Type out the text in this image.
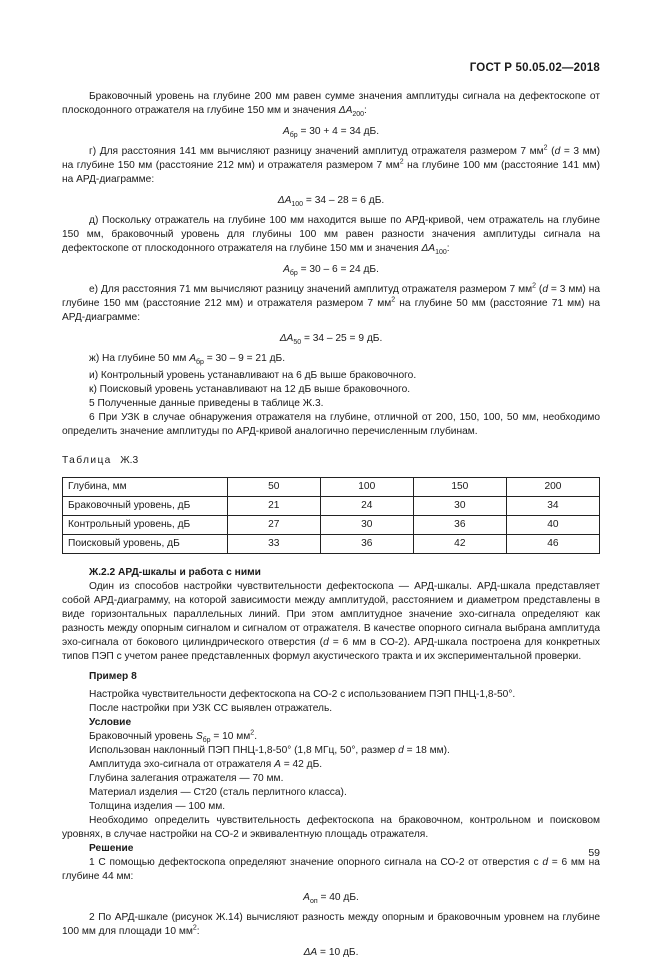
ГОСТ Р 50.05.02—2018

Браковочный уровень на глубине 200 мм равен сумме значения амплитуды сигнала на дефектоскопе от плоскодонного отражателя на глубине 150 мм и значения $\Delta A_{200}$:

$A_{бр} = 30 + 4 = 34$ дБ.

г) Для расстояния 141 мм вычисляют разницу значений амплитуд отражателя размером 7 $мм^2$ (d = 3 мм) на глубине 150 мм (расстояние 212 мм) и отражателя размером 7 $мм^2$ на глубине 100 мм (расстояние 141 мм) на АРД-диаграмме:

$\Delta A_{100} = 34 - 28 = 6$ дБ.

д) Поскольку отражатель на глубине 100 мм находится выше по АРД-кривой, чем отражатель на глубине 150 мм, браковочный уровень для глубины 100 мм равен разности значения амплитуды сигнала на дефектоскопе от плоскодонного отражателя на глубине 150 мм и значения $\Delta A_{100}$:

$A_{бр} = 30 - 6 = 24$ дБ.

е) Для расстояния 71 мм вычисляют разницу значений амплитуд отражателя размером 7 $мм^2$ (d = 3 мм) на глубине 150 мм (расстояние 212 мм) и отражателя размером 7 $мм^2$ на глубине 50 мм (расстояние 71 мм) на АРД-диаграмме:

$\Delta A_{50} = 34 - 25 = 9$ дБ.

ж) На глубине 50 мм $A_{бр} = 30 - 9 = 21$ дБ.

и) Контрольный уровень устанавливают на 6 дБ выше браковочного.

к) Поисковый уровень устанавливают на 12 дБ выше браковочного.

5 Полученные данные приведены в таблице Ж.3.

6 При УЗК в случае обнаружения отражателя на глубине, отличной от 200, 150, 100, 50 мм, необходимо определить значение амплитуды по АРД-кривой аналогично перечисленным глубинам.

Таблица Ж.3

Глубина, мм	50	100	150	200
Браковочный уровень, дБ	21	24	30	34
Контрольный уровень, дБ	27	30	36	40
Поисковый уровень, дБ	33	36	42	46

Ж.2.2 АРД-шкалы и работа с ними

Один из способов настройки чувствительности дефектоскопа — АРД-шкалы. АРД-шкала представляет собой АРД-диаграмму, на которой зависимости между амплитудой, расстоянием и диаметром представлены в виде горизонтальных параллельных линий. При этом амплитудное значение эхо-сигнала определяют как разность между опорным сигналом и сигналом от отражателя. В качестве опорного сигнала выбрана амплитуда эхо-сигнала от бокового цилиндрического отверстия (d = 6 мм в СО-2). АРД-шкала построена для конкретных типов ПЭП с учетом ранее представленных формул акустического тракта и их экспериментальной проверки.

Пример 8

Настройка чувствительности дефектоскопа на СО-2 с использованием ПЭП ПНЦ-1,8-50°.

После настройки при УЗК СС выявлен отражатель.

Условие

Браковочный уровень $S_{бр} = 10$ $мм^2$.

Использован наклонный ПЭП ПНЦ-1,8-50° (1,8 МГц, 50°, размер d = 18 мм).

Амплитуда эхо-сигнала от отражателя A = 42 дБ.

Глубина залегания отражателя — 70 мм.

Материал изделия — Ст20 (сталь перлитного класса).

Толщина изделия — 100 мм.

Необходимо определить чувствительность дефектоскопа на браковочном, контрольном и поисковом уровнях, в случае настройки на СО-2 и эквивалентную площадь отражателя.

Решение

1 С помощью дефектоскопа определяют значение опорного сигнала на СО-2 от отверстия с d = 6 мм на глубине 44 мм:

$A_{оп} = 40$ дБ.

2 По АРД-шкале (рисунок Ж.14) вычисляют разность между опорным и браковочным уровнем на глубине 100 мм для площади 10 $мм^2$:

ΔA = 10 дБ.

59
